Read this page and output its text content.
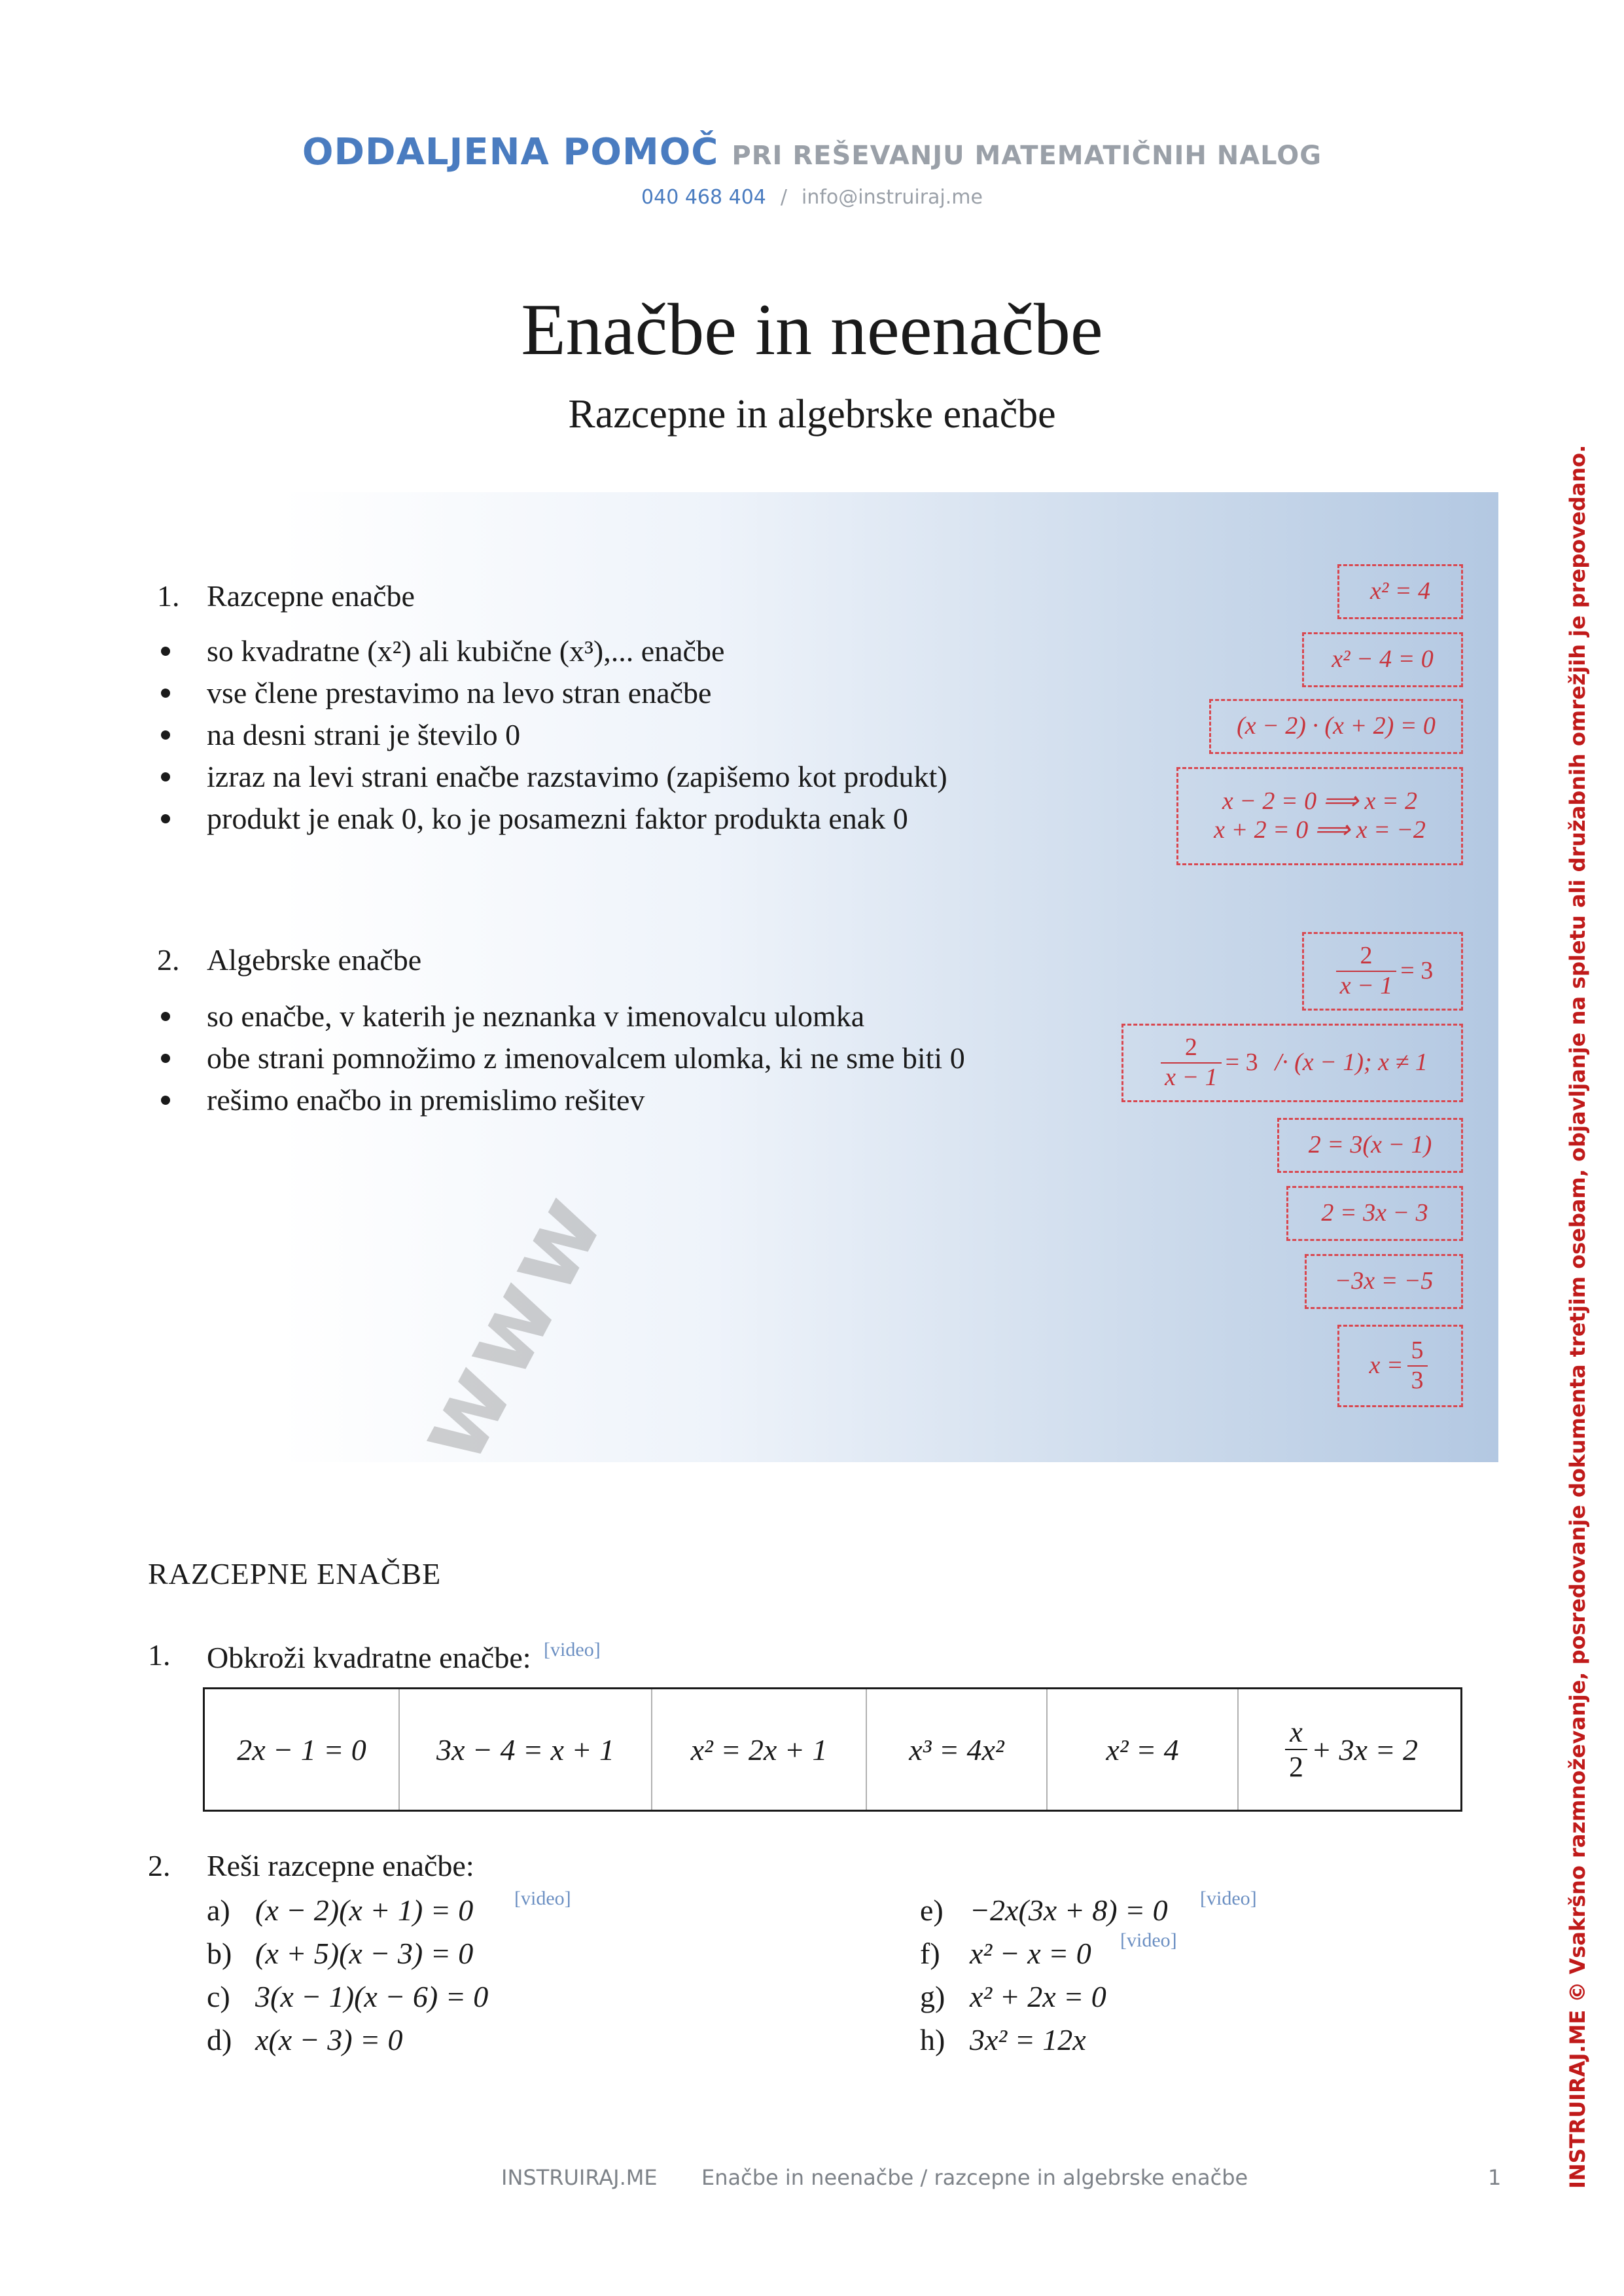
ODDALJENA POMOČ PRI REŠEVANJU MATEMATIČNIH NALOG
040 468 404 / info@instruiraj.me
Enačbe in neenačbe
Razcepne in algebrske enačbe
1. Razcepne enačbe
so kvadratne (x²) ali kubične (x³),... enačbe
vse člene prestavimo na levo stran enačbe
na desni strani je število 0
izraz na levi strani enačbe razstavimo (zapišemo kot produkt)
produkt je enak 0, ko je posamezni faktor produkta enak 0
x² = 4
x² − 4 = 0
(x − 2) · (x + 2) = 0
x − 2 = 0 ⟹ x = 2
x + 2 = 0 ⟹ x = −2
2. Algebrske enačbe
so enačbe, v katerih je neznanka v imenovalcu ulomka
obe strani pomnožimo z imenovalcem ulomka, ki ne sme biti 0
rešimo enačbo in premislimo rešitev
$\frac{2}{x - 1} = 3$
$\frac{2}{x - 1} = 3 /\cdot (x - 1)$; x ≠ 1
2 = 3(x − 1)
2 = 3x − 3
−3x = −5
$x = \frac{5}{3}$
www
RAZCEPNE ENAČBE
1. Obkroži kvadratne enačbe: [video]
2x − 1 = 0	3x − 4 = x + 1	x² = 2x + 1	x³ = 4x²	x² = 4	$\frac{x}{2} + 3x = 2$
2. Reši razcepne enačbe:
a) (x − 2)(x + 1) = 0 [video]
b) (x + 5)(x − 3) = 0
c) 3(x − 1)(x − 6) = 0
d) x(x − 3) = 0
e) −2x(3x + 8) = 0 [video]
f) x² − x = 0 [video]
g) x² + 2x = 0
h) 3x² = 12x
INSTRUIRAJ.ME Enačbe in neenačbe / razcepne in algebrske enačbe	1	INSTRUIRAJ.ME © Vsakršno razmnoževanje, posredovanje dokumenta tretjim osebam, objavljanje na spletu ali družabnih omrežjih je prepovedano.
